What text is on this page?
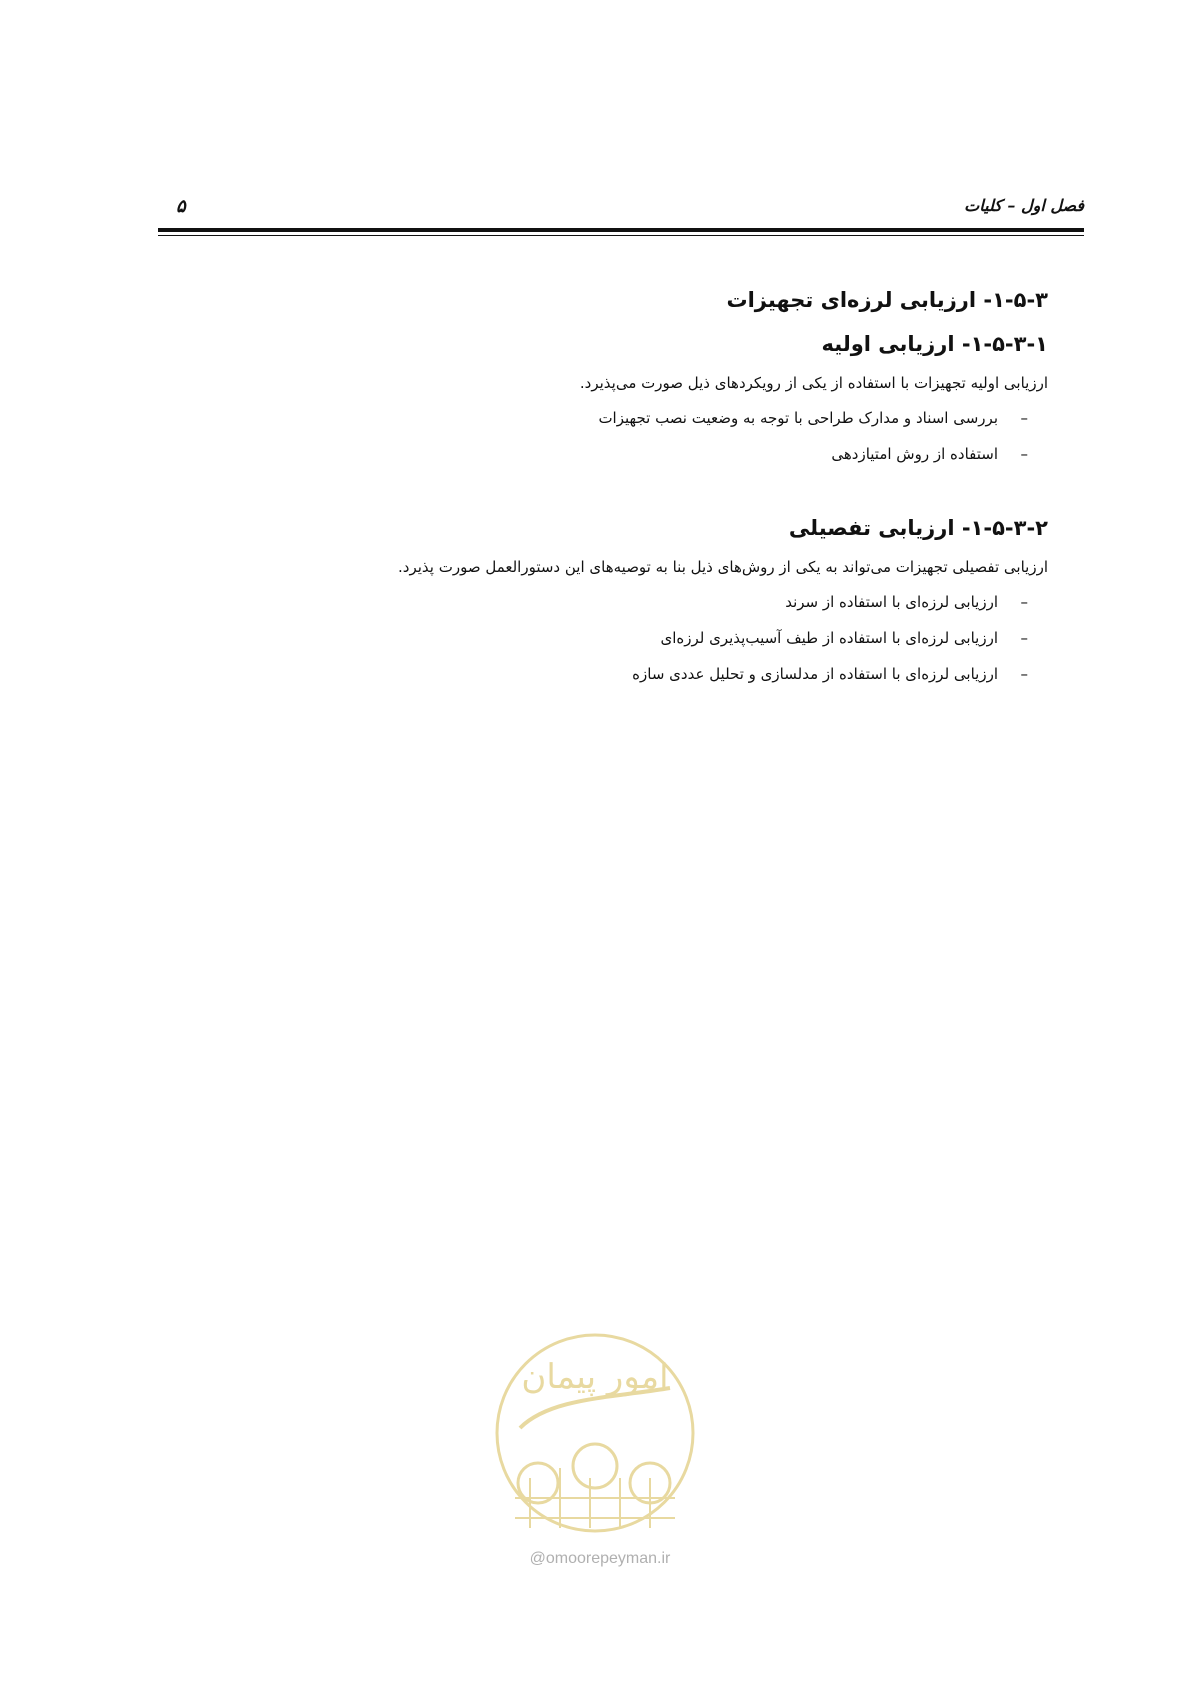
فصل اول – کلیات
۵
۱-۵-۳- ارزیابی لرزه‌ای تجهیزات
۱-۵-۳-۱- ارزیابی اولیه

ارزیابی اولیه تجهیزات با استفاده از یکی از رویکردهای ذیل صورت می‌پذیرد.

–
بررسی اسناد و مدارک طراحی با توجه به وضعیت نصب تجهیزات
–
استفاده از روش امتیازدهی
۱-۵-۳-۲- ارزیابی تفصیلی

ارزیابی تفصیلی تجهیزات می‌تواند به یکی از روش‌های ذیل بنا به توصیه‌های این دستورالعمل صورت پذیرد.

–
ارزیابی لرزه‌ای با استفاده از سرند
–
ارزیابی لرزه‌ای با استفاده از طیف آسیب‌پذیری لرزه‌ای
–
ارزیابی لرزه‌ای با استفاده از مدلسازی و تحلیل عددی سازه
امور پیمان
@omoorepeyman.ir
